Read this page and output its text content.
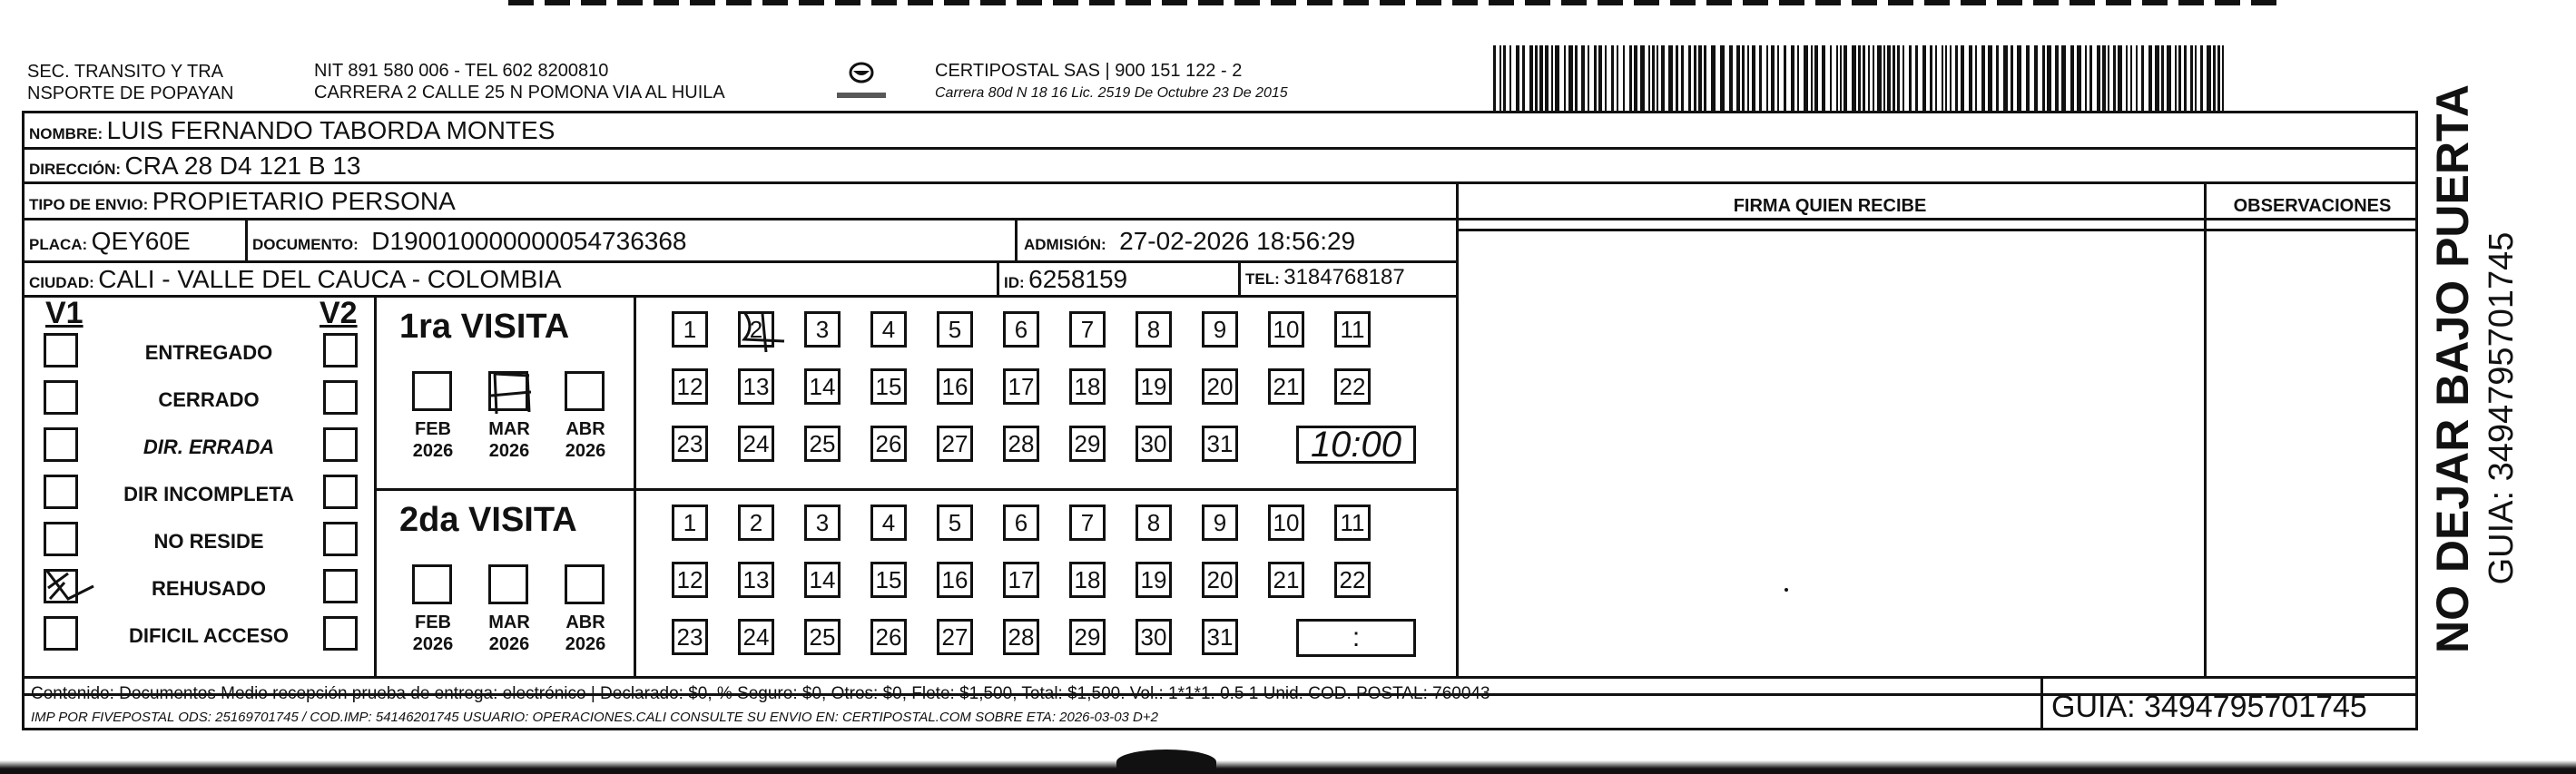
SEC. TRANSITO Y TRA
NSPORTE DE POPAYAN
NIT 891 580 006 - TEL 602 8200810
CARRERA 2 CALLE 25 N POMONA VIA AL HUILA
CERTIPOSTAL SAS | 900 151 122 - 2
Carrera 80d N 18 16 Lic. 2519 De Octubre 23 De 2015
NOMBRE: LUIS FERNANDO TABORDA MONTES
DIRECCIÓN: CRA 28 D4 121 B 13
TIPO DE ENVIO: PROPIETARIO PERSONA	FIRMA QUIEN RECIBE	OBSERVACIONES
PLACA: QEY60E	DOCUMENTO: D190010000000054736368	ADMISIÓN: 27-02-2026 18:56:29
CIUDAD: CALI - VALLE DEL CAUCA - COLOMBIA	ID: 6258159	TEL: 3184768187
V1	V2
ENTREGADO
CERRADO
DIR. ERRADA
DIR INCOMPLETA
NO RESIDE
REHUSADO
DIFICIL ACCESO
1ra VISITA
FEB
2026
MAR
2026
ABR
2026
1	2	3	4	5	6	7	8	9	10 11
12 13 14 15 16 17 18 19 20 21 22
23 24 25 26 27 28 29 30 31	10:00
2da VISITA
FEB
2026
MAR
2026
ABR
2026
1	2	3	4	5	6	7	8	9	10 11
12 13 14 15 16 17 18 19 20 21 22
23 24 25 26 27 28 29 30 31	:
Contenido: Documentos Medio recepción prueba de entrega: electrónico | Declarado: $0, % Seguro: $0, Otros: $0, Flete: $1,500, Total: $1,500. Vol.: 1*1*1. 0.5 1 Unid. COD. POSTAL: 760043
IMP POR FIVEPOSTAL ODS: 25169701745 / COD.IMP: 54146201745 USUARIO: OPERACIONES.CALI CONSULTE SU ENVIO EN: CERTIPOSTAL.COM SOBRE ETA: 2026-03-03 D+2	GUIA: 3494795701745
NO DEJAR BAJO PUERTA GUIA: 3494795701745
